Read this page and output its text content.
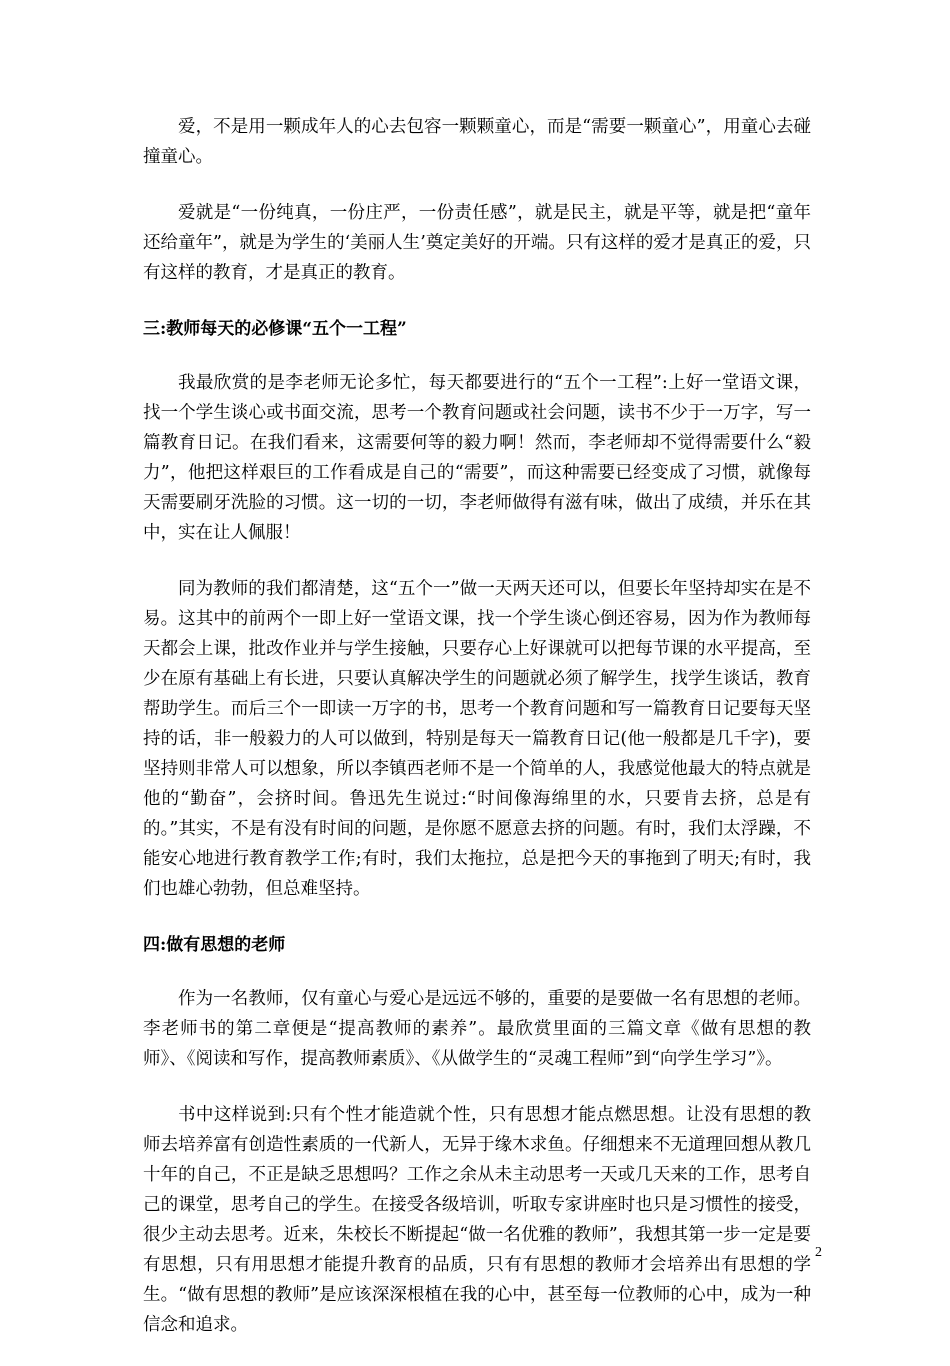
爱，不是用一颗成年人的心去包容一颗颗童心，而是“需要一颗童心”，用童心去碰撞童心。

爱就是“一份纯真，一份庄严，一份责任感”，就是民主，就是平等，就是把“童年还给童年”，就是为学生的‘美丽人生’奠定美好的开端。只有这样的爱才是真正的爱，只有这样的教育，才是真正的教育。

三:教师每天的必修课“五个一工程”

我最欣赏的是李老师无论多忙，每天都要进行的“五个一工程”:上好一堂语文课，找一个学生谈心或书面交流，思考一个教育问题或社会问题，读书不少于一万字，写一篇教育日记。在我们看来，这需要何等的毅力啊！然而，李老师却不觉得需要什么“毅力”，他把这样艰巨的工作看成是自己的“需要”，而这种需要已经变成了习惯，就像每天需要刷牙洗脸的习惯。这一切的一切，李老师做得有滋有味，做出了成绩，并乐在其中，实在让人佩服！

同为教师的我们都清楚，这“五个一”做一天两天还可以，但要长年坚持却实在是不易。这其中的前两个一即上好一堂语文课，找一个学生谈心倒还容易，因为作为教师每天都会上课，批改作业并与学生接触，只要存心上好课就可以把每节课的水平提高，至少在原有基础上有长进，只要认真解决学生的问题就必须了解学生，找学生谈话，教育帮助学生。而后三个一即读一万字的书，思考一个教育问题和写一篇教育日记要每天坚持的话，非一般毅力的人可以做到，特别是每天一篇教育日记(他一般都是几千字)，要坚持则非常人可以想象，所以李镇西老师不是一个简单的人，我感觉他最大的特点就是他的“勤奋”，会挤时间。鲁迅先生说过:“时间像海绵里的水，只要肯去挤，总是有的。”其实，不是有没有时间的问题，是你愿不愿意去挤的问题。有时，我们太浮躁，不能安心地进行教育教学工作;有时，我们太拖拉，总是把今天的事拖到了明天;有时，我们也雄心勃勃，但总难坚持。

四:做有思想的老师

作为一名教师，仅有童心与爱心是远远不够的，重要的是要做一名有思想的老师。李老师书的第二章便是“提高教师的素养”。最欣赏里面的三篇文章《做有思想的教师》、《阅读和写作，提高教师素质》、《从做学生的“灵魂工程师”到“向学生学习”》。

书中这样说到:只有个性才能造就个性，只有思想才能点燃思想。让没有思想的教师去培养富有创造性素质的一代新人，无异于缘木求鱼。仔细想来不无道理回想从教几十年的自己，不正是缺乏思想吗？工作之余从未主动思考一天或几天来的工作，思考自己的课堂，思考自己的学生。在接受各级培训，听取专家讲座时也只是习惯性的接受，很少主动去思考。近来，朱校长不断提起“做一名优雅的教师”，我想其第一步一定是要有思想，只有用思想才能提升教育的品质，只有有思想的教师才会培养出有思想的学生。“做有思想的教师”是应该深深根植在我的心中，甚至每一位教师的心中，成为一种信念和追求。

2
